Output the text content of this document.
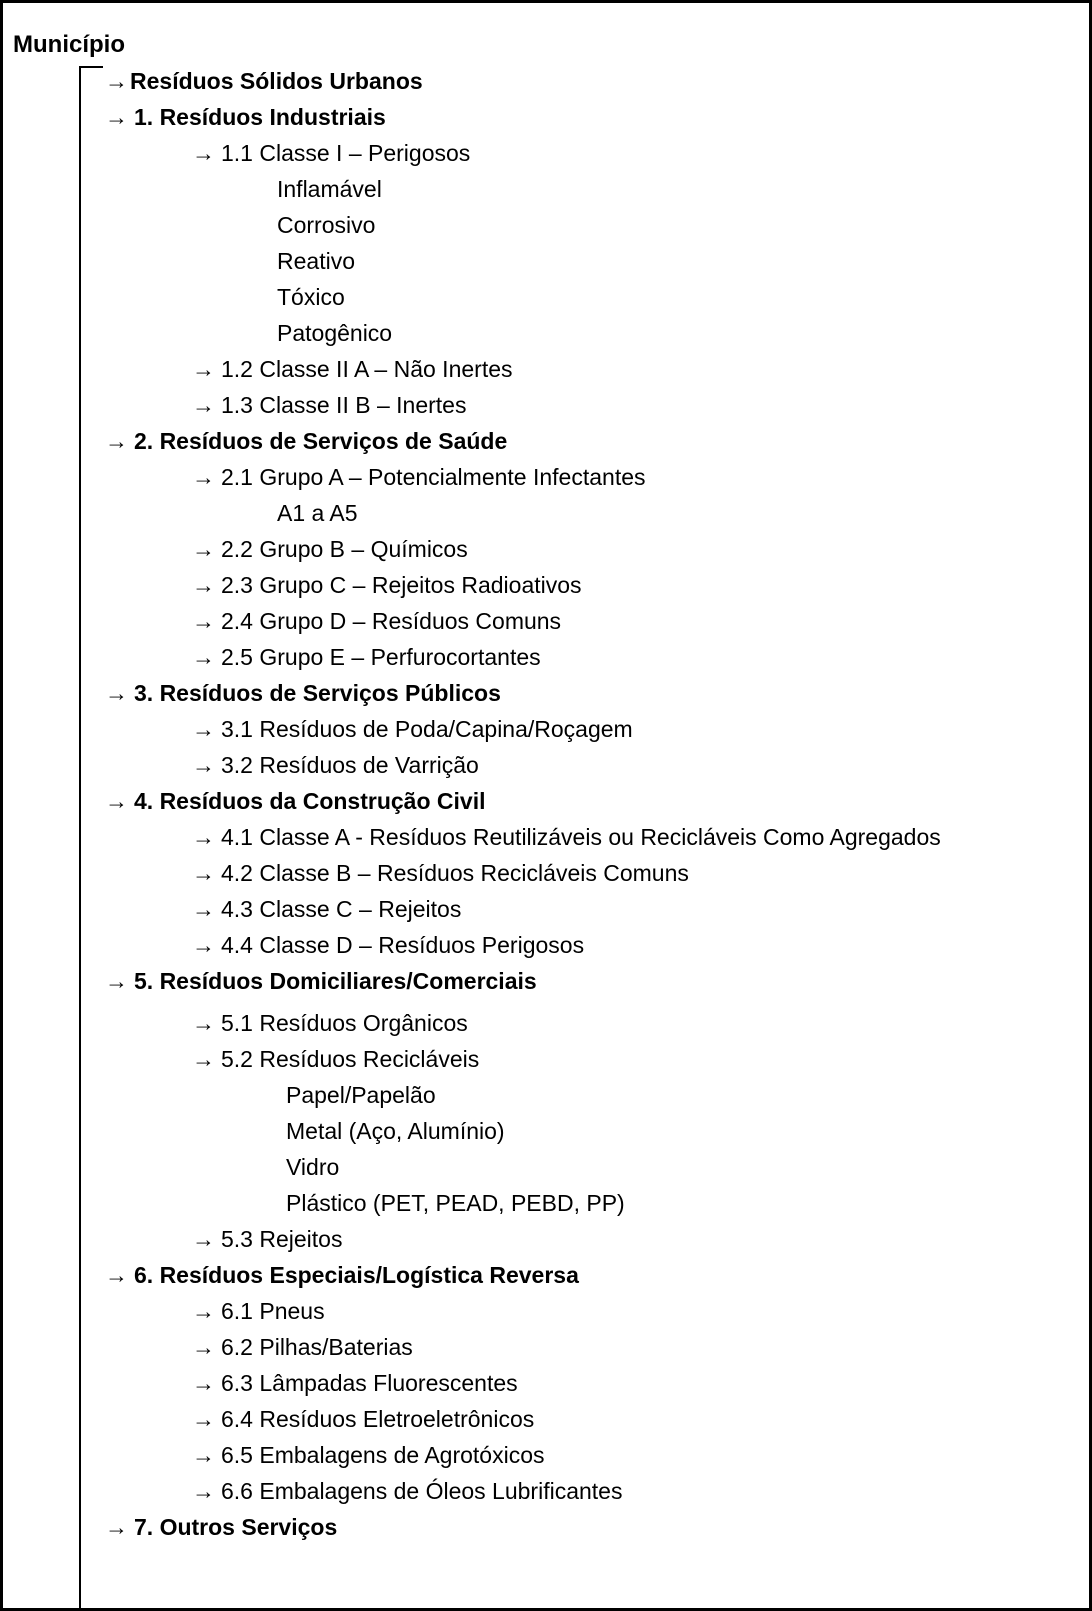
Município
→Resíduos Sólidos Urbanos
→ 1. Resíduos Industriais
→ 1.1 Classe I – Perigosos
Inflamável
Corrosivo
Reativo
Tóxico
Patogênico
→ 1.2 Classe II A – Não Inertes
→ 1.3 Classe II B – Inertes
→ 2. Resíduos de Serviços de Saúde
→ 2.1 Grupo A – Potencialmente Infectantes
A1 a A5
→ 2.2 Grupo B – Químicos
→ 2.3 Grupo C – Rejeitos Radioativos
→ 2.4 Grupo D – Resíduos Comuns
→ 2.5 Grupo E – Perfurocortantes
→ 3. Resíduos de Serviços Públicos
→ 3.1 Resíduos de Poda/Capina/Roçagem
→ 3.2 Resíduos de Varrição
→ 4. Resíduos da Construção Civil
→ 4.1 Classe A - Resíduos Reutilizáveis ou Recicláveis Como Agregados
→ 4.2 Classe B – Resíduos Recicláveis Comuns
→ 4.3 Classe C – Rejeitos
→ 4.4 Classe D – Resíduos Perigosos
→ 5. Resíduos Domiciliares/Comerciais
→ 5.1 Resíduos Orgânicos
→ 5.2 Resíduos Recicláveis
Papel/Papelão
Metal (Aço, Alumínio)
Vidro
Plástico (PET, PEAD, PEBD, PP)
→ 5.3 Rejeitos
→ 6. Resíduos Especiais/Logística Reversa
→ 6.1 Pneus
→ 6.2 Pilhas/Baterias
→ 6.3 Lâmpadas Fluorescentes
→ 6.4 Resíduos Eletroeletrônicos
→ 6.5 Embalagens de Agrotóxicos
→ 6.6 Embalagens de Óleos Lubrificantes
→ 7. Outros Serviços
